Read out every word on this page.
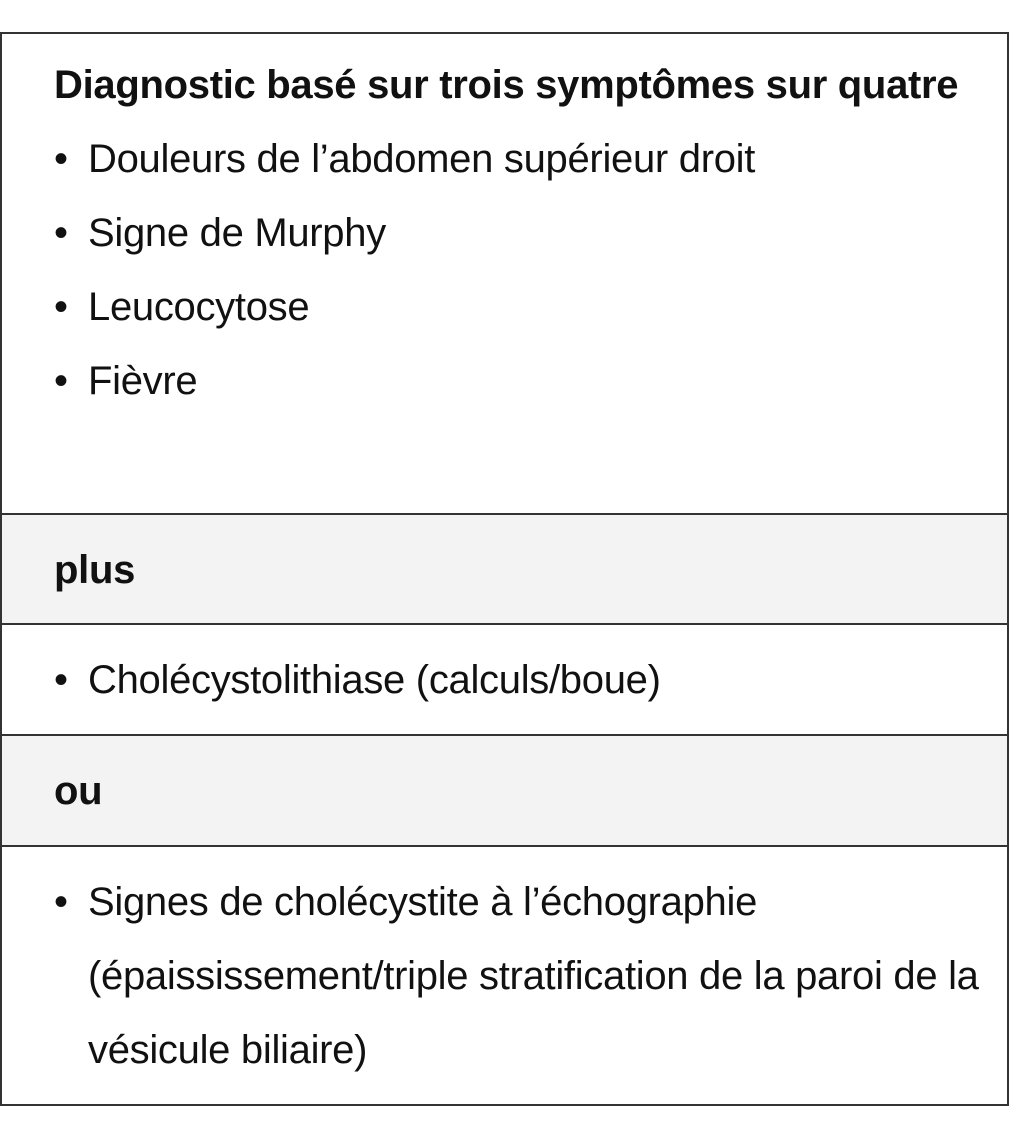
Diagnostic basé sur trois symptômes sur quatre
• Douleurs de l’abdomen supérieur droit
• Signe de Murphy
• Leucocytose
• Fièvre
plus
• Cholécystolithiase (calculs/boue)
ou
• Signes de cholécystite à l’échographie (épaississement/triple stratification de la paroi de la vésicule biliaire)
